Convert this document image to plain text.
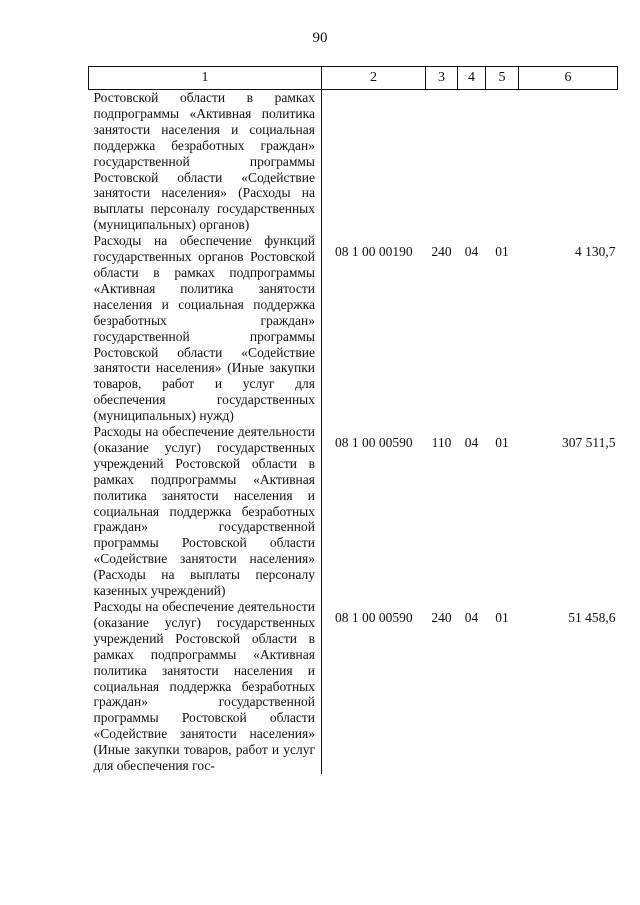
90
1	2	3	4	5	6
Ростовской области в рамках подпрограммы «Активная политика занятости населения и социальная поддержка безработных граждан» государственной программы Ростовской области «Содействие занятости населения» (Расходы на выплаты персоналу государственных (муниципальных) органов)					
Расходы на обеспечение функций государственных органов Ростовской области в рамках подпрограммы «Активная политика занятости населения и социальная поддержка безработных граждан» государственной программы Ростовской области «Содействие занятости населения» (Иные закупки товаров, работ и услуг для обеспечения государственных (муниципальных) нужд)	08 1 00 00190	240	04	01	4 130,7
Расходы на обеспечение деятельности (оказание услуг) государственных учреждений Ростовской области в рамках подпрограммы «Активная политика занятости населения и социальная поддержка безработных граждан» государственной программы Ростовской области «Содействие занятости населения» (Расходы на выплаты персоналу казенных учреждений)	08 1 00 00590	110	04	01	307 511,5
Расходы на обеспечение деятельности (оказание услуг) государственных учреждений Ростовской области в рамках подпрограммы «Активная политика занятости населения и социальная поддержка безработных граждан» государственной программы Ростовской области «Содействие занятости населения» (Иные закупки товаров, работ и услуг для обеспечения гос-	08 1 00 00590	240	04	01	51 458,6
